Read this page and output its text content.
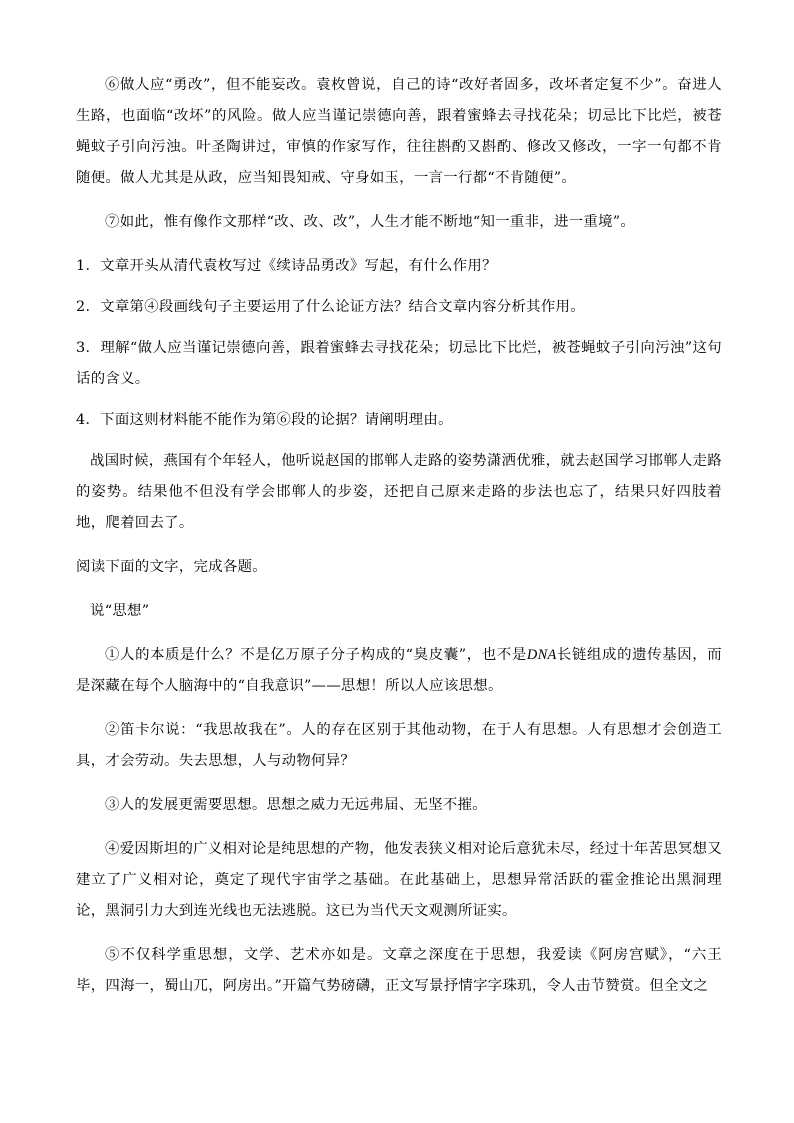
⑥做人应“勇改”，但不能妄改。袁枚曾说，自己的诗“改好者固多，改坏者定复不少”。奋进人生路，也面临“改坏”的风险。做人应当谨记崇德向善，跟着蜜蜂去寻找花朵；切忌比下比烂，被苍蝇蚊子引向污浊。叶圣陶讲过，审慎的作家写作，往往斟酌又斟酌、修改又修改，一字一句都不肯随便。做人尤其是从政，应当知畏知戒、守身如玉，一言一行都“不肯随便”。

⑦如此，惟有像作文那样“改、改、改”，人生才能不断地“知一重非，进一重境”。

1．文章开头从清代袁枚写过《续诗品勇改》写起，有什么作用？

2．文章第④段画线句子主要运用了什么论证方法？结合文章内容分析其作用。

3．理解“做人应当谨记崇德向善，跟着蜜蜂去寻找花朵；切忌比下比烂，被苍蝇蚊子引向污浊”这句话的含义。

4．下面这则材料能不能作为第⑥段的论据？请阐明理由。

战国时候，燕国有个年轻人，他听说赵国的邯郸人走路的姿势潇洒优雅，就去赵国学习邯郸人走路的姿势。结果他不但没有学会邯郸人的步姿，还把自己原来走路的步法也忘了，结果只好四肢着地，爬着回去了。

阅读下面的文字，完成各题。

说“思想”

①人的本质是什么？不是亿万原子分子构成的“臭皮囊”，也不是DNA长链组成的遗传基因，而是深藏在每个人脑海中的“自我意识”——思想！所以人应该思想。

②笛卡尔说：“我思故我在”。人的存在区别于其他动物，在于人有思想。人有思想才会创造工具，才会劳动。失去思想，人与动物何异？

③人的发展更需要思想。思想之威力无远弗届、无坚不摧。

④爱因斯坦的广义相对论是纯思想的产物，他发表狭义相对论后意犹未尽，经过十年苦思冥想又建立了广义相对论，奠定了现代宇宙学之基础。在此基础上，思想异常活跃的霍金推论出黑洞理论，黑洞引力大到连光线也无法逃脱。这已为当代天文观测所证实。

⑤不仅科学重思想，文学、艺术亦如是。文章之深度在于思想，我爱读《阿房宫赋》，“六王毕，四海一，蜀山兀，阿房出。”开篇气势磅礴，正文写景抒情字字珠玑，令人击节赞赏。但全文之
